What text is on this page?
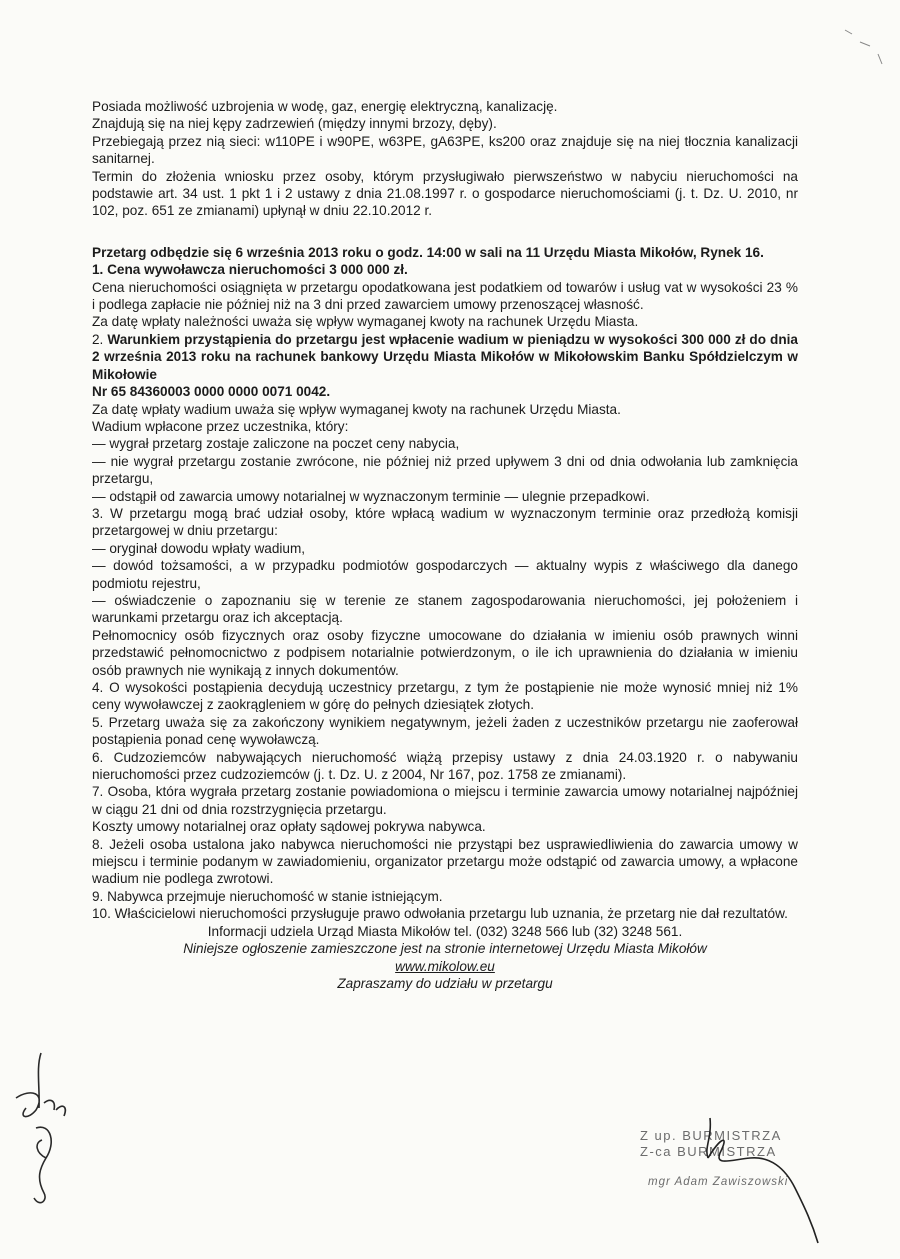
Posiada możliwość uzbrojenia w wodę, gaz, energię elektryczną, kanalizację.

Znajdują się na niej kępy zadrzewień (między innymi brzozy, dęby).

Przebiegają przez nią sieci: w110PE i w90PE, w63PE, gA63PE, ks200 oraz znajduje się na niej tłocznia kanalizacji sanitarnej.

Termin do złożenia wniosku przez osoby, którym przysługiwało pierwszeństwo w nabyciu nieruchomości na podstawie art. 34 ust. 1 pkt 1 i 2 ustawy z dnia 21.08.1997 r. o gospodarce nieruchomościami (j. t. Dz. U. 2010, nr 102, poz. 651 ze zmianami) upłynął w dniu 22.10.2012 r.

Przetarg odbędzie się 6 września 2013 roku o godz. 14:00 w sali na 11 Urzędu Miasta Mikołów, Rynek 16.

1. Cena wywoławcza nieruchomości 3 000 000 zł.

Cena nieruchomości osiągnięta w przetargu opodatkowana jest podatkiem od towarów i usług vat w wysokości 23 % i podlega zapłacie nie później niż na 3 dni przed zawarciem umowy przenoszącej własność.

Za datę wpłaty należności uważa się wpływ wymaganej kwoty na rachunek Urzędu Miasta.

2. Warunkiem przystąpienia do przetargu jest wpłacenie wadium w pieniądzu w wysokości 300 000 zł do dnia 2 września 2013 roku na rachunek bankowy Urzędu Miasta Mikołów w Mikołowskim Banku Spółdzielczym w Mikołowie

Nr 65 84360003 0000 0000 0071 0042.

Za datę wpłaty wadium uważa się wpływ wymaganej kwoty na rachunek Urzędu Miasta.

Wadium wpłacone przez uczestnika, który:

— wygrał przetarg zostaje zaliczone na poczet ceny nabycia,

— nie wygrał przetargu zostanie zwrócone, nie później niż przed upływem 3 dni od dnia odwołania lub zamknięcia przetargu,

— odstąpił od zawarcia umowy notarialnej w wyznaczonym terminie — ulegnie przepadkowi.

3. W przetargu mogą brać udział osoby, które wpłacą wadium w wyznaczonym terminie oraz przedłożą komisji przetargowej w dniu przetargu:

— oryginał dowodu wpłaty wadium,

— dowód tożsamości, a w przypadku podmiotów gospodarczych — aktualny wypis z właściwego dla danego podmiotu rejestru,

— oświadczenie o zapoznaniu się w terenie ze stanem zagospodarowania nieruchomości, jej położeniem i warunkami przetargu oraz ich akceptacją.

Pełnomocnicy osób fizycznych oraz osoby fizyczne umocowane do działania w imieniu osób prawnych winni przedstawić pełnomocnictwo z podpisem notarialnie potwierdzonym, o ile ich uprawnienia do działania w imieniu osób prawnych nie wynikają z innych dokumentów.

4. O wysokości postąpienia decydują uczestnicy przetargu, z tym że postąpienie nie może wynosić mniej niż 1% ceny wywoławczej z zaokrągleniem w górę do pełnych dziesiątek złotych.

5. Przetarg uważa się za zakończony wynikiem negatywnym, jeżeli żaden z uczestników przetargu nie zaoferował postąpienia ponad cenę wywoławczą.

6. Cudzoziemców nabywających nieruchomość wiążą przepisy ustawy z dnia 24.03.1920 r. o nabywaniu nieruchomości przez cudzoziemców (j. t. Dz. U. z 2004, Nr 167, poz. 1758 ze zmianami).

7. Osoba, która wygrała przetarg zostanie powiadomiona o miejscu i terminie zawarcia umowy notarialnej najpóźniej w ciągu 21 dni od dnia rozstrzygnięcia przetargu.

Koszty umowy notarialnej oraz opłaty sądowej pokrywa nabywca.

8. Jeżeli osoba ustalona jako nabywca nieruchomości nie przystąpi bez usprawiedliwienia do zawarcia umowy w miejscu i terminie podanym w zawiadomieniu, organizator przetargu może odstąpić od zawarcia umowy, a wpłacone wadium nie podlega zwrotowi.

9. Nabywca przejmuje nieruchomość w stanie istniejącym.

10. Właścicielowi nieruchomości przysługuje prawo odwołania przetargu lub uznania, że przetarg nie dał rezultatów.

Informacji udziela Urząd Miasta Mikołów tel. (032) 3248 566 lub (32) 3248 561.

Niniejsze ogłoszenie zamieszczone jest na stronie internetowej Urzędu Miasta Mikołów

www.mikolow.eu

Zapraszamy do udziału w przetargu

Z up. BURMISTRZA
Z-ca BURMISTRZA
mgr Adam Zawiszowski
